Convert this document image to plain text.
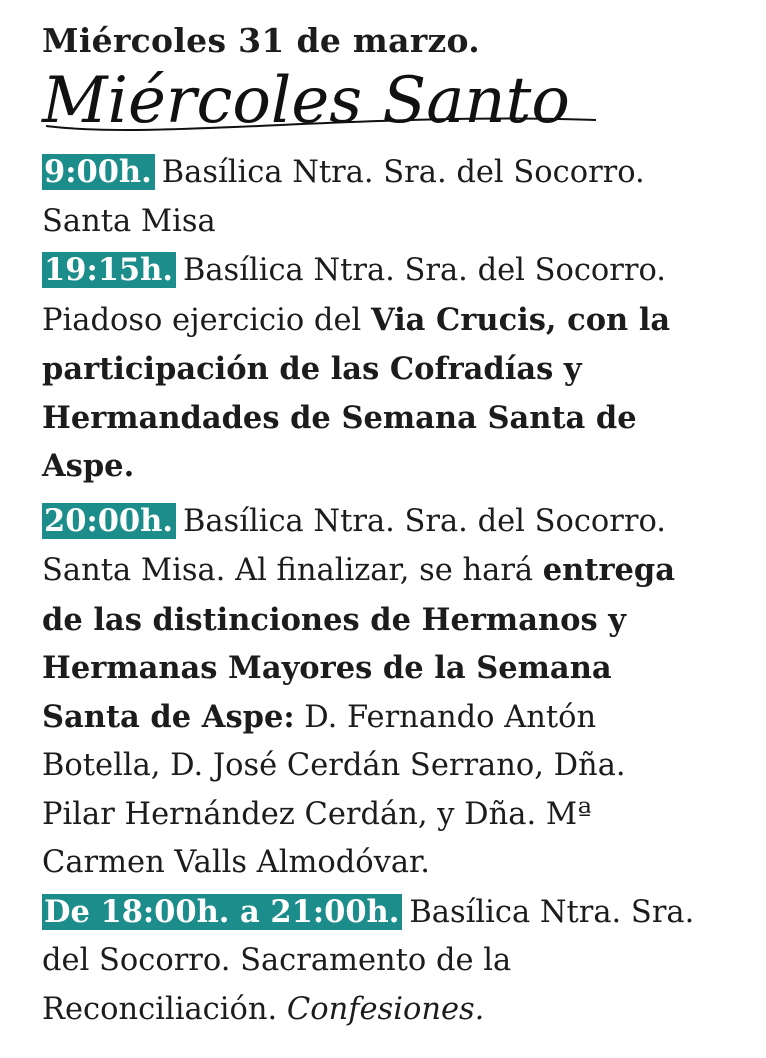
Miércoles 31 de marzo.
Miércoles Santo
9:00h. Basílica Ntra. Sra. del Socorro.
Santa Misa
19:15h. Basílica Ntra. Sra. del Socorro.
Piadoso ejercicio del Via Crucis, con la
participación de las Cofradías y
Hermandades de Semana Santa de
Aspe.
20:00h. Basílica Ntra. Sra. del Socorro.
Santa Misa. Al finalizar, se hará entrega
de las distinciones de Hermanos y
Hermanas Mayores de la Semana
Santa de Aspe: D. Fernando Antón
Botella, D. José Cerdán Serrano, Dña.
Pilar Hernández Cerdán, y Dña. Mª
Carmen Valls Almodóvar.
De 18:00h. a 21:00h. Basílica Ntra. Sra.
del Socorro. Sacramento de la
Reconciliación. Confesiones.
